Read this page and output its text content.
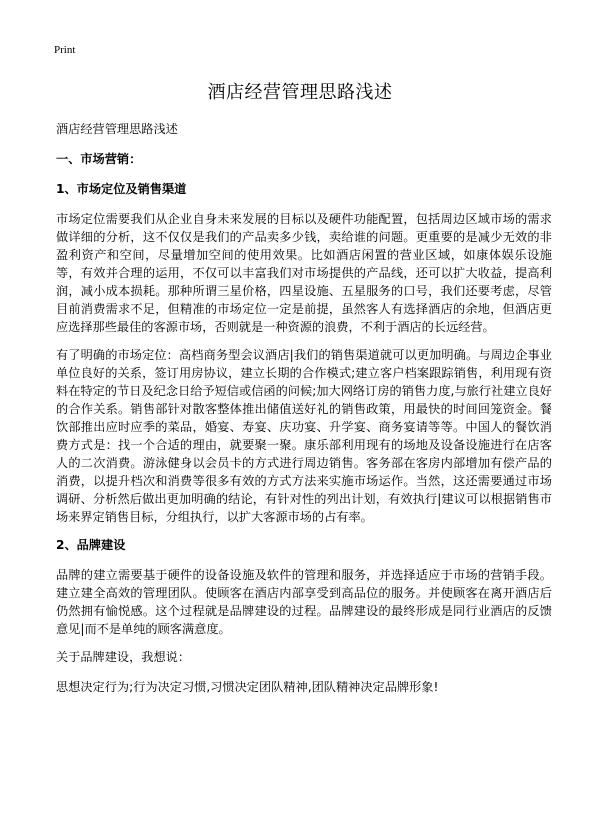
Print
酒店经营管理思路浅述

酒店经营管理思路浅述

一、市场营销：

1、市场定位及销售渠道

市场定位需要我们从企业自身未来发展的目标以及硬件功能配置，包括周边区域市场的需求做详细的分析，这不仅仅是我们的产品卖多少钱，卖给谁的问题。更重要的是减少无效的非盈利资产和空间，尽量增加空间的使用效果。比如酒店闲置的营业区域，如康体娱乐设施等，有效并合理的运用，不仅可以丰富我们对市场提供的产品线，还可以扩大收益，提高利润，减小成本损耗。那种所谓三星价格，四星设施、五星服务的口号，我们还要考虑，尽管目前消费需求不足，但精准的市场定位一定是前提，虽然客人有选择酒店的余地，但酒店更应选择那些最佳的客源市场，否则就是一种资源的浪费，不利于酒店的长远经营。

有了明确的市场定位：高档商务型会议酒店|我们的销售渠道就可以更加明确。与周边企事业单位良好的关系，签订用房协议，建立长期的合作模式;建立客户档案跟踪销售，利用现有资料在特定的节日及纪念日给予短信或信函的问候;加大网络订房的销售力度,与旅行社建立良好的合作关系。销售部针对散客整体推出储值送好礼的销售政策，用最快的时间回笼资金。餐饮部推出应时应季的菜品，婚宴、寿宴、庆功宴、升学宴、商务宴请等等。中国人的餐饮消费方式是：找一个合适的理由，就要聚一聚。康乐部利用现有的场地及设备设施进行在店客人的二次消费。游泳健身以会员卡的方式进行周边销售。客务部在客房内部增加有偿产品的消费，以提升档次和消费等很多有效的方式方法来实施市场运作。当然，这还需要通过市场调研、分析然后做出更加明确的结论，有针对性的列出计划，有效执行|建议可以根据销售市场来界定销售目标，分组执行，以扩大客源市场的占有率。

2、品牌建设

品牌的建立需要基于硬件的设备设施及软件的管理和服务，并选择适应于市场的营销手段。建立建全高效的管理团队。使顾客在酒店内部享受到高品位的服务。并使顾客在离开酒店后仍然拥有愉悦感。这个过程就是品牌建设的过程。品牌建设的最终形成是同行业酒店的反馈意见|而不是单纯的顾客满意度。

关于品牌建设，我想说：

思想决定行为;行为决定习惯,习惯决定团队精神,团队精神决定品牌形象!
